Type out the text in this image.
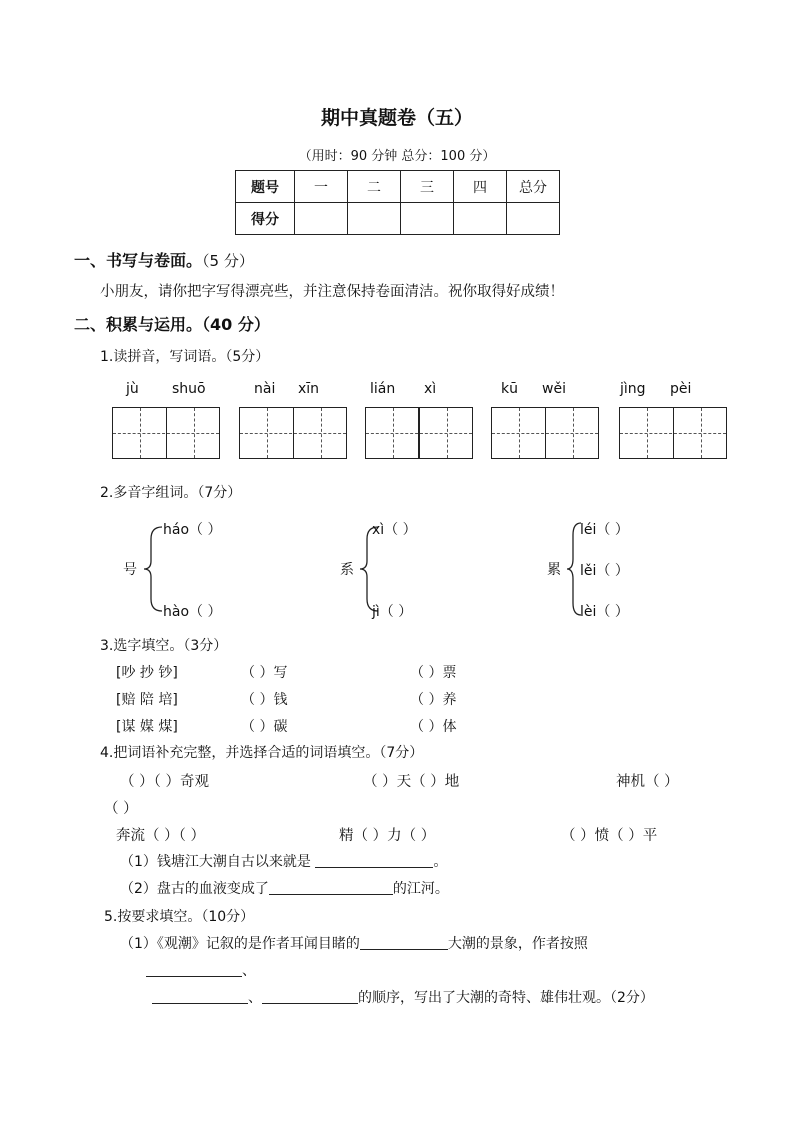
期中真题卷（五）
（用时：90 分钟 总分：100 分）
题号	一	二	三	四	总分
得分					
一、书写与卷面。（5 分）
小朋友，请你把字写得漂亮些，并注意保持卷面清洁。祝你取得好成绩！
二、积累与运用。（40 分）
1.读拼音，写词语。（5分）
jù shuō	nài xīn	lián xì	kū wěi	jìng pèi
2.多音字组词。（7分）
号
háo（ ）
hào（ ）
系
xì（ ）
jì（ ）
累
léi（ ）
lěi（ ）
lèi（ ）
3.选字填空。（3分）
[吵 抄 钞]	（ ）写	（ ）票
[赔 陪 培]	（ ）钱	（ ）养
[谋 媒 煤]	（ ）碳	（ ）体
4.把词语补充完整，并选择合适的词语填空。（7分）
（ ）（ ）奇观	（ ）天（ ）地	神机（ ）
（ ）
奔流（ ）（ ）	精（ ）力（ ）	（ ）愤（ ）平
（1）钱塘江大潮自古以来就是	。
（2）盘古的血液变成了	的江河。
5.按要求填空。（10分）
（1）《观潮》记叙的是作者耳闻目睹的	大潮的景象，作者按照
、
、	的顺序，写出了大潮的奇特、雄伟壮观。（2分）
